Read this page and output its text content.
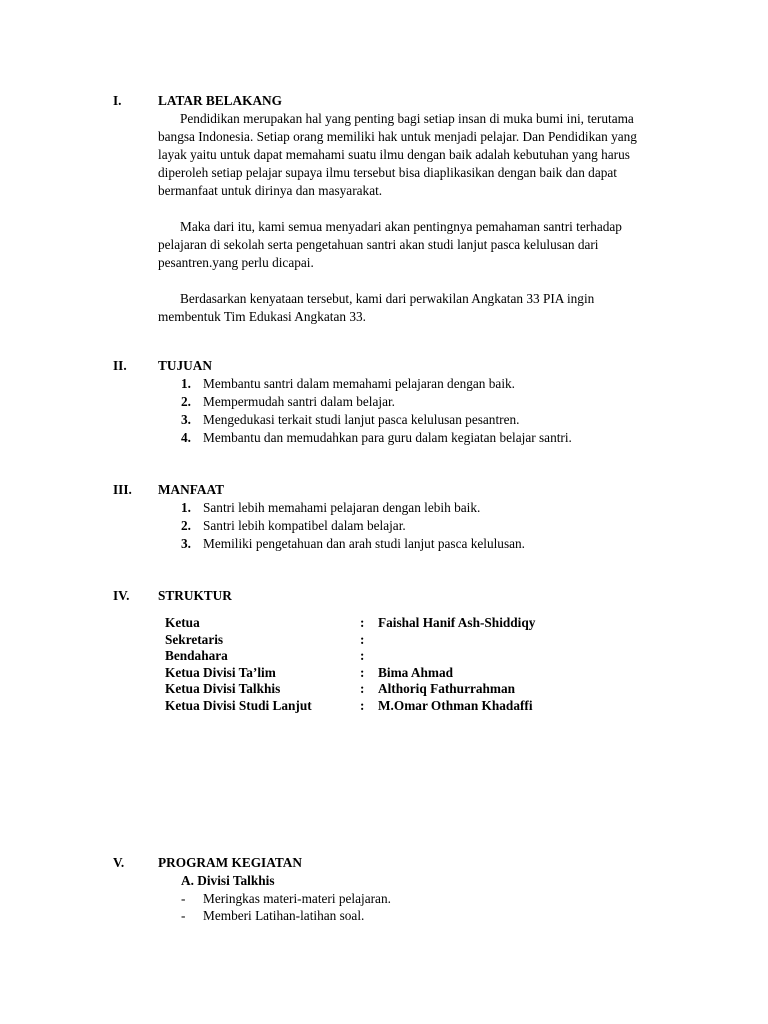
I.	LATAR BELAKANG

Pendidikan merupakan hal yang penting bagi setiap insan di muka bumi ini, terutama bangsa Indonesia. Setiap orang memiliki hak untuk menjadi pelajar. Dan Pendidikan yang layak yaitu untuk dapat memahami suatu ilmu dengan baik adalah kebutuhan yang harus diperoleh setiap pelajar supaya ilmu tersebut bisa diaplikasikan dengan baik dan dapat bermanfaat untuk dirinya dan masyarakat.

Maka dari itu, kami semua menyadari akan pentingnya pemahaman santri terhadap pelajaran di sekolah serta pengetahuan santri akan studi lanjut pasca kelulusan dari pesantren.yang perlu dicapai.

Berdasarkan kenyataan tersebut, kami dari perwakilan Angkatan 33 PIA ingin membentuk Tim Edukasi Angkatan 33.

II. TUJUAN
1. Membantu santri dalam memahami pelajaran dengan baik.
2. Mempermudah santri dalam belajar.
3. Mengedukasi terkait studi lanjut pasca kelulusan pesantren.
4. Membantu dan memudahkan para guru dalam kegiatan belajar santri.
III. MANFAAT
1. Santri lebih memahami pelajaran dengan lebih baik.
2. Santri lebih kompatibel dalam belajar.
3. Memiliki pengetahuan dan arah studi lanjut pasca kelulusan.
IV. STRUKTUR
Ketua	:	Faishal Hanif Ash-Shiddiqy
Sekretaris	:	
Bendahara	:	
Ketua Divisi Ta’lim	:	Bima Ahmad
Ketua Divisi Talkhis	:	Althoriq Fathurrahman
Ketua Divisi Studi Lanjut	:	M.Omar Othman Khadaffi
V.	PROGRAM KEGIATAN
A. Divisi Talkhis
- Meringkas materi-materi pelajaran.
- Memberi Latihan-latihan soal.
